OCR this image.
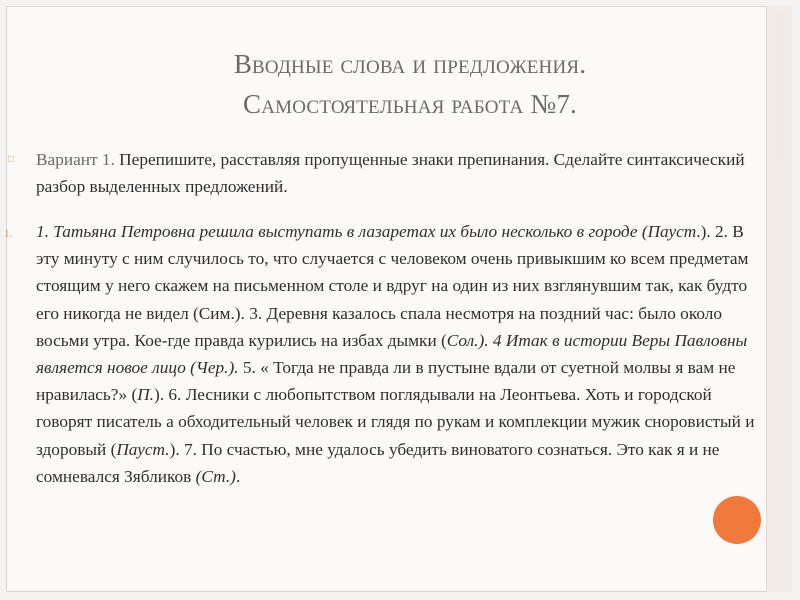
Вводные слова и предложения.
Самостоятельная работа №7.
□ Вариант 1. Перепишите, расставляя пропущенные знаки препинания. Сделайте синтаксический разбор выделенных предложений.
1. 1. Татьяна Петровна решила выступать в лазаретах их было несколько в городе (Пауст.). 2. В эту минуту с ним случилось то, что случается с человеком очень привыкшим ко всем предметам стоящим у него скажем на письменном столе и вдруг на один из них взглянувшим так, как будто его никогда не видел (Сим.). 3. Деревня казалось спала несмотря на поздний час: было около восьми утра. Кое-где правда курились на избах дымки (Сол.). 4 Итак в истории Веры Павловны является новое лицо (Чер.). 5. « Тогда не правда ли в пустыне вдали от суетной молвы я вам не нравилась?» (П.). 6. Лесники с любопытством поглядывали на Леонтьева. Хоть и городской говорят писатель а обходительный человек и глядя по рукам и комплекции мужик сноровистый и здоровый (Пауст.). 7. По счастью, мне удалось убедить виноватого сознаться. Это как я и не сомневался Зябликов (Ст.).
